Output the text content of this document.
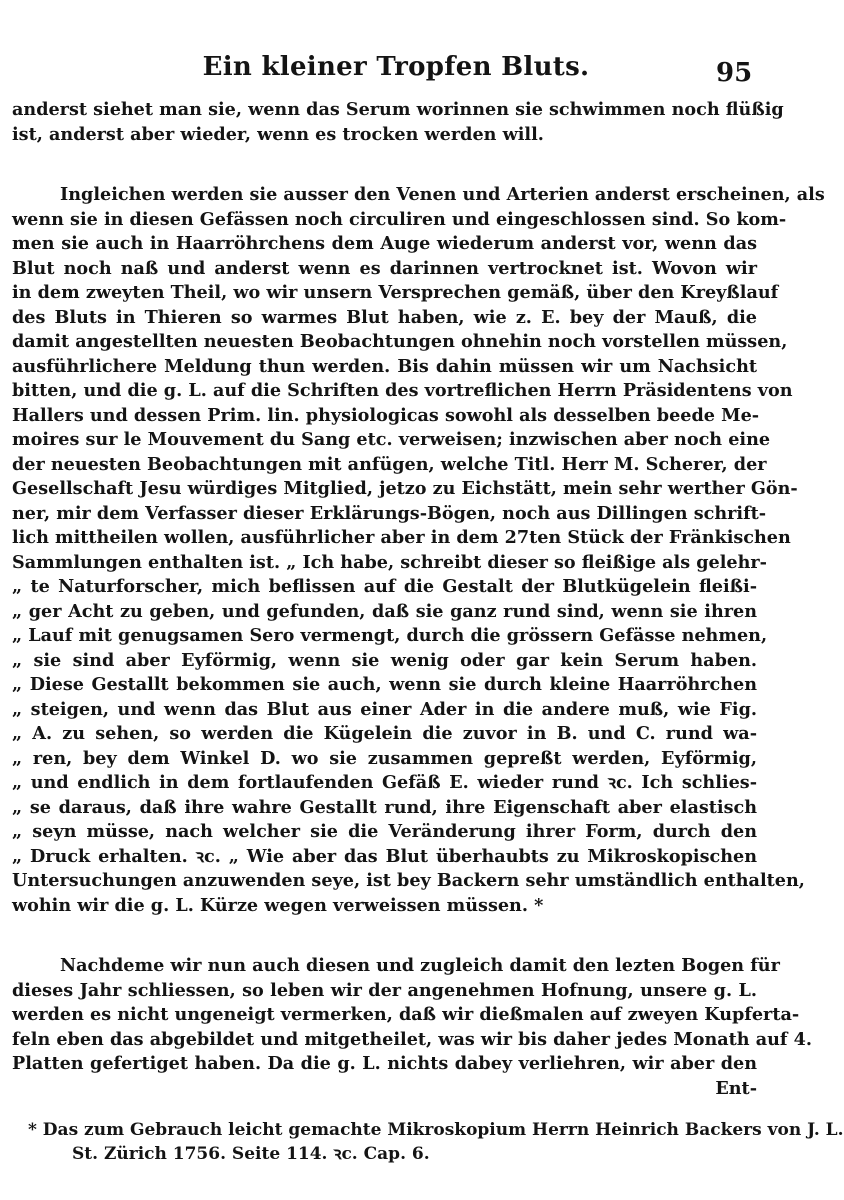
Ein kleiner Tropfen Bluts.	95
anderst siehet man sie, wenn das Serum worinnen sie schwimmen noch flüßig
ist, anderst aber wieder, wenn es trocken werden will.
Ingleichen werden sie ausser den Venen und Arterien anderst erscheinen, als
wenn sie in diesen Gefässen noch circuliren und eingeschlossen sind. So kom-
men sie auch in Haarröhrchens dem Auge wiederum anderst vor, wenn das
Blut noch naß und anderst wenn es darinnen vertrocknet ist. Wovon wir
in dem zweyten Theil, wo wir unsern Versprechen gemäß, über den Kreyßlauf
des Bluts in Thieren so warmes Blut haben, wie z. E. bey der Mauß, die
damit angestellten neuesten Beobachtungen ohnehin noch vorstellen müssen,
ausführlichere Meldung thun werden. Bis dahin müssen wir um Nachsicht
bitten, und die g. L. auf die Schriften des vortreflichen Herrn Präsidentens von
Hallers und dessen Prim. lin. physiologicas sowohl als desselben beede Me-
moires sur le Mouvement du Sang etc. verweisen; inzwischen aber noch eine
der neuesten Beobachtungen mit anfügen, welche Titl. Herr M. Scherer, der
Gesellschaft Jesu würdiges Mitglied, jetzo zu Eichstätt, mein sehr werther Gön-
ner, mir dem Verfasser dieser Erklärungs-Bögen, noch aus Dillingen schrift-
lich mittheilen wollen, ausführlicher aber in dem 27ten Stück der Fränkischen
Sammlungen enthalten ist. „ Ich habe, schreibt dieser so fleißige als gelehr-
„ te Naturforscher, mich beflissen auf die Gestalt der Blutkügelein fleißi-
„ ger Acht zu geben, und gefunden, daß sie ganz rund sind, wenn sie ihren
„ Lauf mit genugsamen Sero vermengt, durch die grössern Gefässe nehmen,
„ sie sind aber Eyförmig, wenn sie wenig oder gar kein Serum haben.
„ Diese Gestallt bekommen sie auch, wenn sie durch kleine Haarröhrchen
„ steigen, und wenn das Blut aus einer Ader in die andere muß, wie Fig.
„ A. zu sehen, so werden die Kügelein die zuvor in B. und C. rund wa-
„ ren, bey dem Winkel D. wo sie zusammen gepreßt werden, Eyförmig,
„ und endlich in dem fortlaufenden Gefäß E. wieder rund ꝛc. Ich schlies-
„ se daraus, daß ihre wahre Gestallt rund, ihre Eigenschaft aber elastisch
„ seyn müsse, nach welcher sie die Veränderung ihrer Form, durch den
„ Druck erhalten. ꝛc. „ Wie aber das Blut überhaubts zu Mikroskopischen
Untersuchungen anzuwenden seye, ist bey Backern sehr umständlich enthalten,
wohin wir die g. L. Kürze wegen verweissen müssen. *
Nachdeme wir nun auch diesen und zugleich damit den lezten Bogen für
dieses Jahr schliessen, so leben wir der angenehmen Hofnung, unsere g. L.
werden es nicht ungeneigt vermerken, daß wir dießmalen auf zweyen Kupferta-
feln eben das abgebildet und mitgetheilet, was wir bis daher jedes Monath auf 4.
Platten gefertiget haben. Da die g. L. nichts dabey verliehren, wir aber den
Ent-
* Das zum Gebrauch leicht gemachte Mikroskopium Herrn Heinrich Backers von J. L.
St. Zürich 1756. Seite 114. ꝛc. Cap. 6.
